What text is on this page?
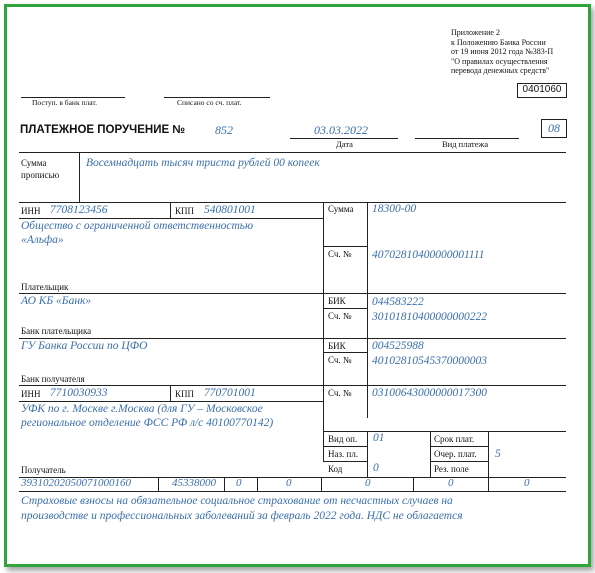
Приложение 2
к Положению Банка России
от 19 июня 2012 года №383-П
"О правилах осуществления
перевода денежных средств"
0401060
Поступ. в банк плат.	Списано со сч. плат.
ПЛАТЕЖНОЕ ПОРУЧЕНИЕ № 852	03.03.2022
Дата	Вид платежа
08
Сумма
прописью
Восемнадцать тысяч триста рублей 00 копеек
ИНН 7708123456	КПП 540801001
Общество с ограниченной ответственностью
«Альфа»
Плательщик
Сумма 18300-00
Сч. № 40702810400000001111
АО КБ «Банк»
Банк плательщика
БИК 044583222
Сч. № 30101810400000000222
ГУ Банка России по ЦФО
Банк получателя
БИК 004525988
Сч. № 40102810545370000003
ИНН 7710030933	КПП 770701001
УФК по г. Москве г.Москва (для ГУ – Московское
региональное отделение ФСС РФ л/с 40100770142)
Получатель
Сч. № 03100643000000017300
Вид оп. 01	Срок плат.
Наз. пл.	Очер. плат. 5
Код	0	Рез. поле
39310202050071000160	45338000 0	0	0	0	0
Страховые взносы на обязательное социальное страхование от несчастных случаев на
производстве и профессиональных заболеваний за февраль 2022 года. НДС не облагается
